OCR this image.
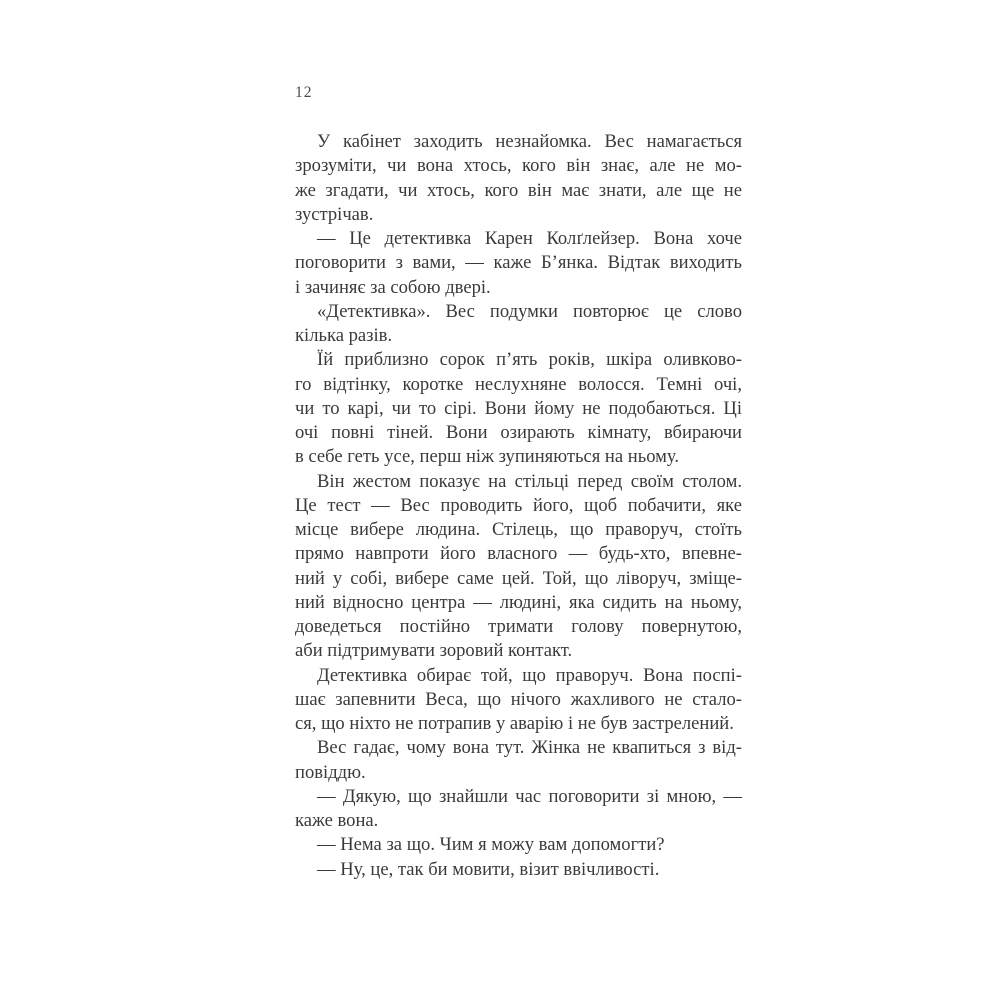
12

У кабінет заходить незнайомка. Вес намагається
зрозуміти, чи вона хтось, кого він знає, але не мо-
же згадати, чи хтось, кого він має знати, але ще не
зустрічав.

— Це детективка Карен Колґлейзер. Вона хоче
поговорити з вами, — каже Б’янка. Відтак виходить
і зачиняє за собою двері.

«Детективка». Вес подумки повторює це слово
кілька разів.

Їй приблизно сорок п’ять років, шкіра оливково-
го відтінку, коротке неслухняне волосся. Темні очі,
чи то карі, чи то сірі. Вони йому не подобаються. Ці
очі повні тіней. Вони озирають кімнату, вбираючи
в себе геть усе, перш ніж зупиняються на ньому.

Він жестом показує на стільці перед своїм столом.
Це тест — Вес проводить його, щоб побачити, яке
місце вибере людина. Стілець, що праворуч, стоїть
прямо навпроти його власного — будь-хто, впевне-
ний у собі, вибере саме цей. Той, що ліворуч, зміще-
ний відносно центра — людині, яка сидить на ньому,
доведеться постійно тримати голову повернутою,
аби підтримувати зоровий контакт.

Детективка обирає той, що праворуч. Вона поспі-
шає запевнити Веса, що нічого жахливого не стало-
ся, що ніхто не потрапив у аварію і не був застрелений.

Вес гадає, чому вона тут. Жінка не квапиться з від-
повіддю.

— Дякую, що знайшли час поговорити зі мною, —
каже вона.

— Нема за що. Чим я можу вам допомогти?

— Ну, це, так би мовити, візит ввічливості.
